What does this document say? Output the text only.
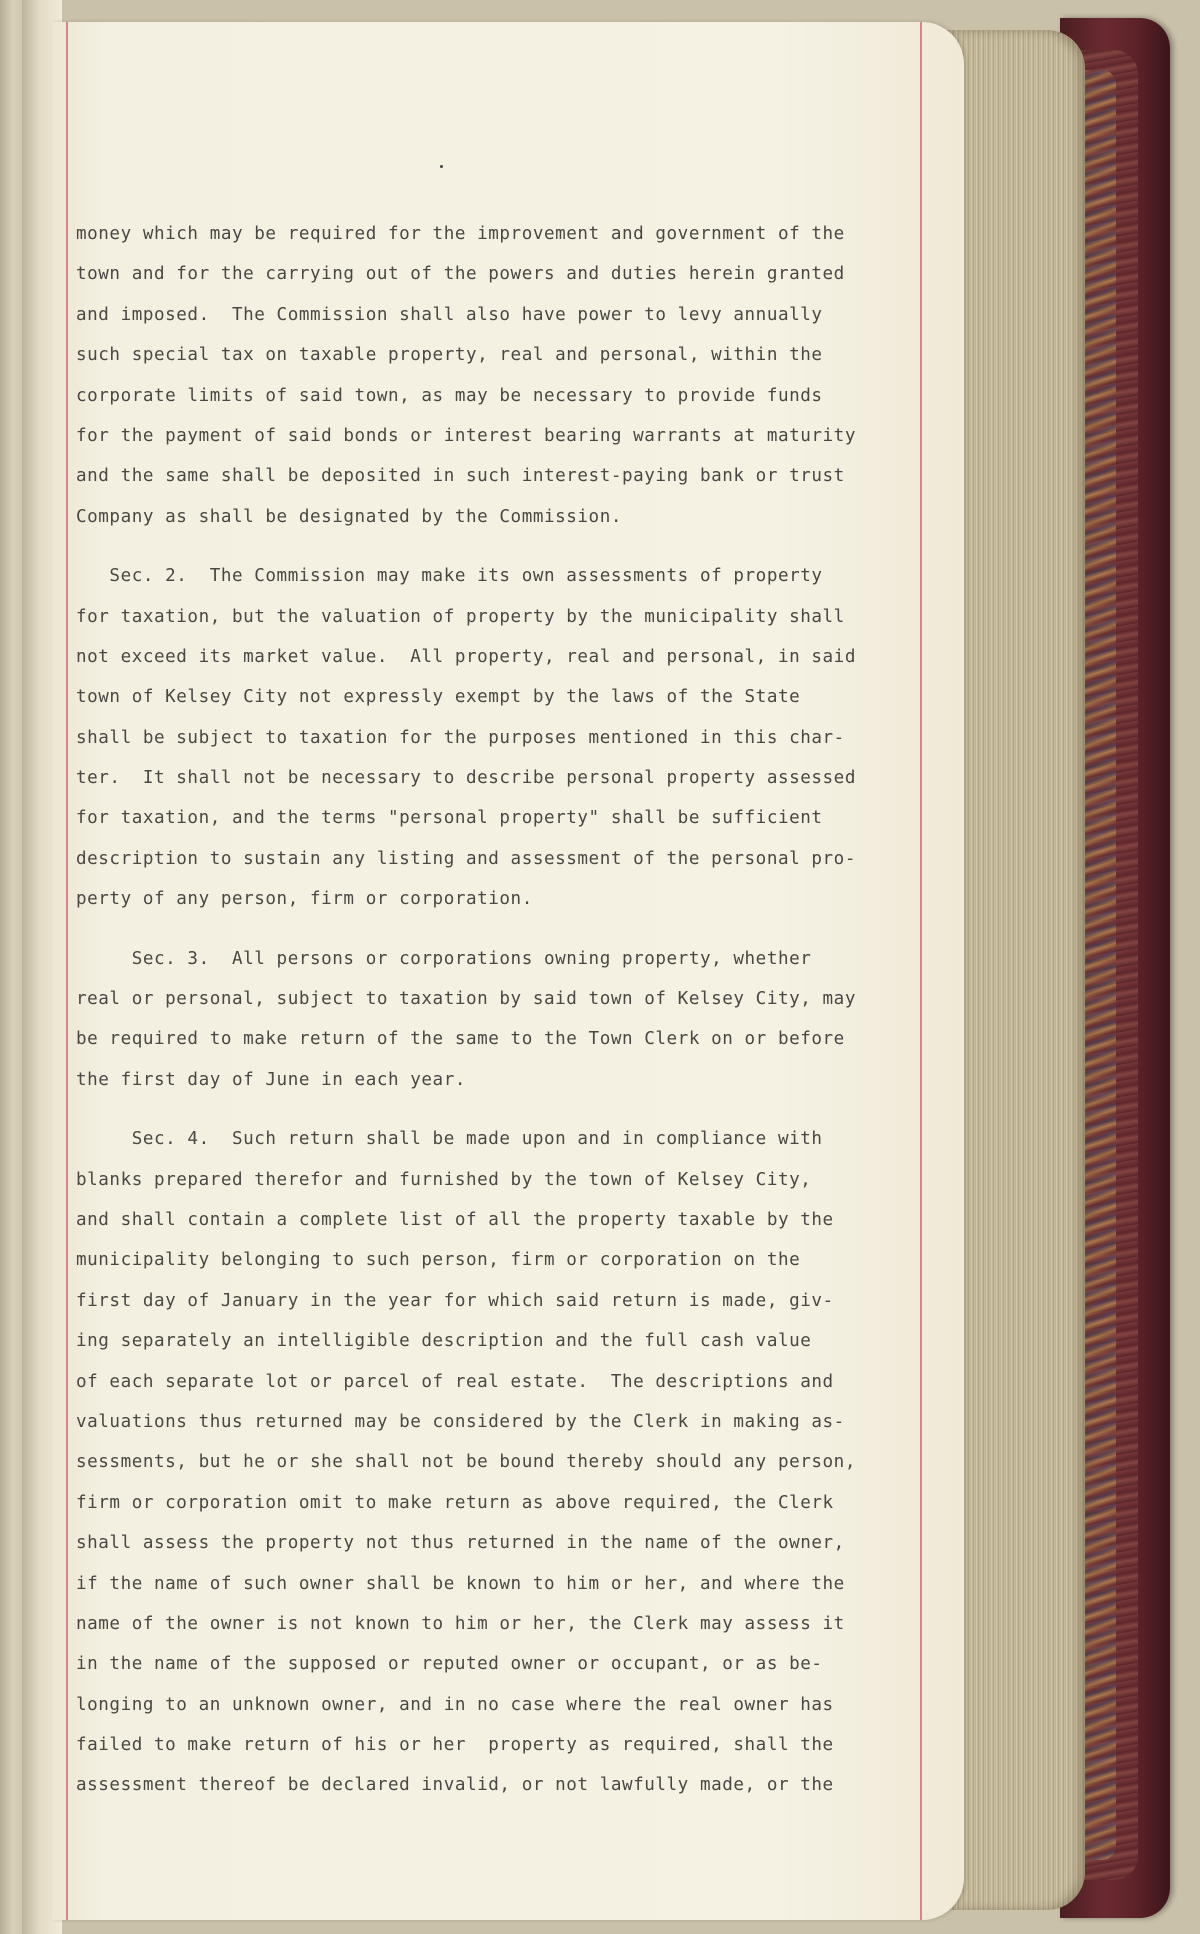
money which may be required for the improvement and government of the
town and for the carrying out of the powers and duties herein granted
and imposed.  The Commission shall also have power to levy annually
such special tax on taxable property, real and personal, within the
corporate limits of said town, as may be necessary to provide funds
for the payment of said bonds or interest bearing warrants at maturity
and the same shall be deposited in such interest-paying bank or trust
Company as shall be designated by the Commission.
Sec. 2.  The Commission may make its own assessments of property
for taxation, but the valuation of property by the municipality shall
not exceed its market value.  All property, real and personal, in said
town of Kelsey City not expressly exempt by the laws of the State
shall be subject to taxation for the purposes mentioned in this char-
ter.  It shall not be necessary to describe personal property assessed
for taxation, and the terms "personal property" shall be sufficient
description to sustain any listing and assessment of the personal pro-
perty of any person, firm or corporation.
Sec. 3.  All persons or corporations owning property, whether
real or personal, subject to taxation by said town of Kelsey City, may
be required to make return of the same to the Town Clerk on or before
the first day of June in each year.
Sec. 4.  Such return shall be made upon and in compliance with
blanks prepared therefor and furnished by the town of Kelsey City,
and shall contain a complete list of all the property taxable by the
municipality belonging to such person, firm or corporation on the
first day of January in the year for which said return is made, giv-
ing separately an intelligible description and the full cash value
of each separate lot or parcel of real estate.  The descriptions and
valuations thus returned may be considered by the Clerk in making as-
sessments, but he or she shall not be bound thereby should any person,
firm or corporation omit to make return as above required, the Clerk
shall assess the property not thus returned in the name of the owner,
if the name of such owner shall be known to him or her, and where the
name of the owner is not known to him or her, the Clerk may assess it
in the name of the supposed or reputed owner or occupant, or as be-
longing to an unknown owner, and in no case where the real owner has
failed to make return of his or her  property as required, shall the
assessment thereof be declared invalid, or not lawfully made, or the
